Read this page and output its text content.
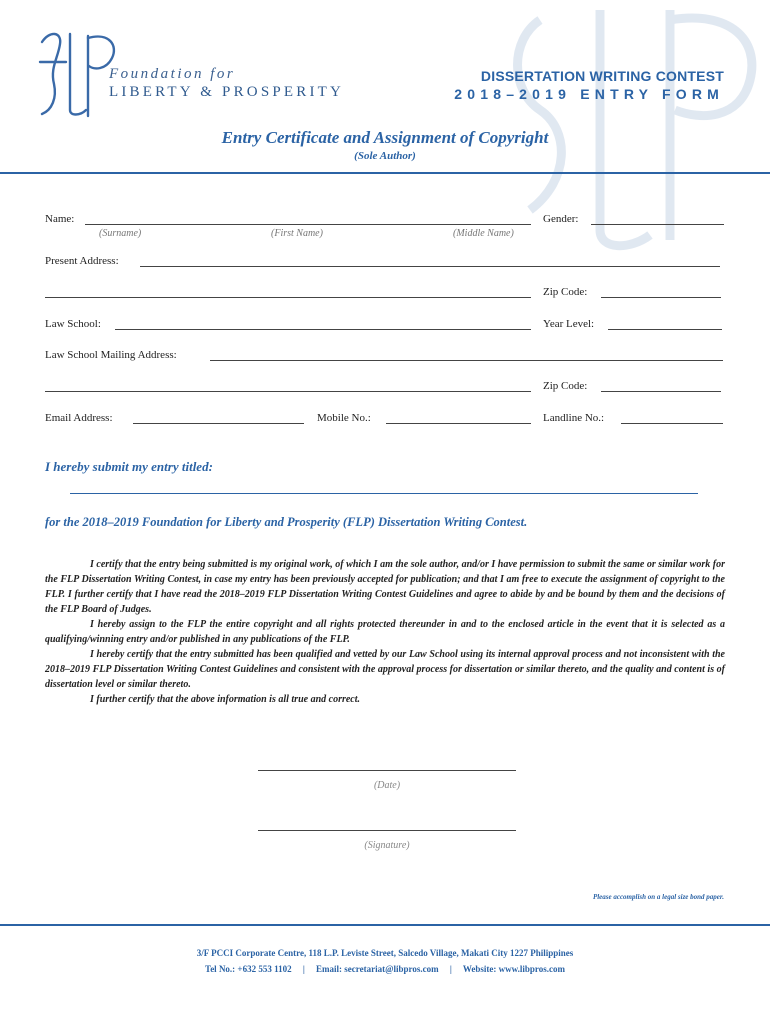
Foundation for
LIBERTY & PROSPERITY
DISSERTATION WRITING CONTEST
2018–2019 ENTRY FORM
Entry Certificate and Assignment of Copyright
(Sole Author)
Name:
(Surname)	(First Name)	(Middle Name)
Gender:
Present Address:
Zip Code:
Law School:	Year Level:
Law School Mailing Address:
Zip Code:
Email Address:	Mobile No.:	Landline No.:
I hereby submit my entry titled:
for the 2018–2019 Foundation for Liberty and Prosperity (FLP) Dissertation Writing Contest.

I certify that the entry being submitted is my original work, of which I am the sole author, and/or I have permission to submit the same or similar work for the FLP Dissertation Writing Contest, in case my entry has been previously accepted for publication; and that I am free to execute the assignment of copyright to the FLP. I further certify that I have read the 2018–2019 FLP Dissertation Writing Contest Guidelines and agree to abide by and be bound by them and the decisions of the FLP Board of Judges.

I hereby assign to the FLP the entire copyright and all rights protected thereunder in and to the enclosed article in the event that it is selected as a qualifying/winning entry and/or published in any publications of the FLP.

I hereby certify that the entry submitted has been qualified and vetted by our Law School using its internal approval process and not inconsistent with the 2018–2019 FLP Dissertation Writing Contest Guidelines and consistent with the approval process for dissertation or similar thereto, and the quality and content is of dissertation level or similar thereto.

I further certify that the above information is all true and correct.

(Date)
(Signature)
Please accomplish on a legal size bond paper.
3/F PCCI Corporate Centre, 118 L.P. Leviste Street, Salcedo Village, Makati City 1227 Philippines
Tel No.: +632 553 1102     |     Email: secretariat@libpros.com     |     Website: www.libpros.com
